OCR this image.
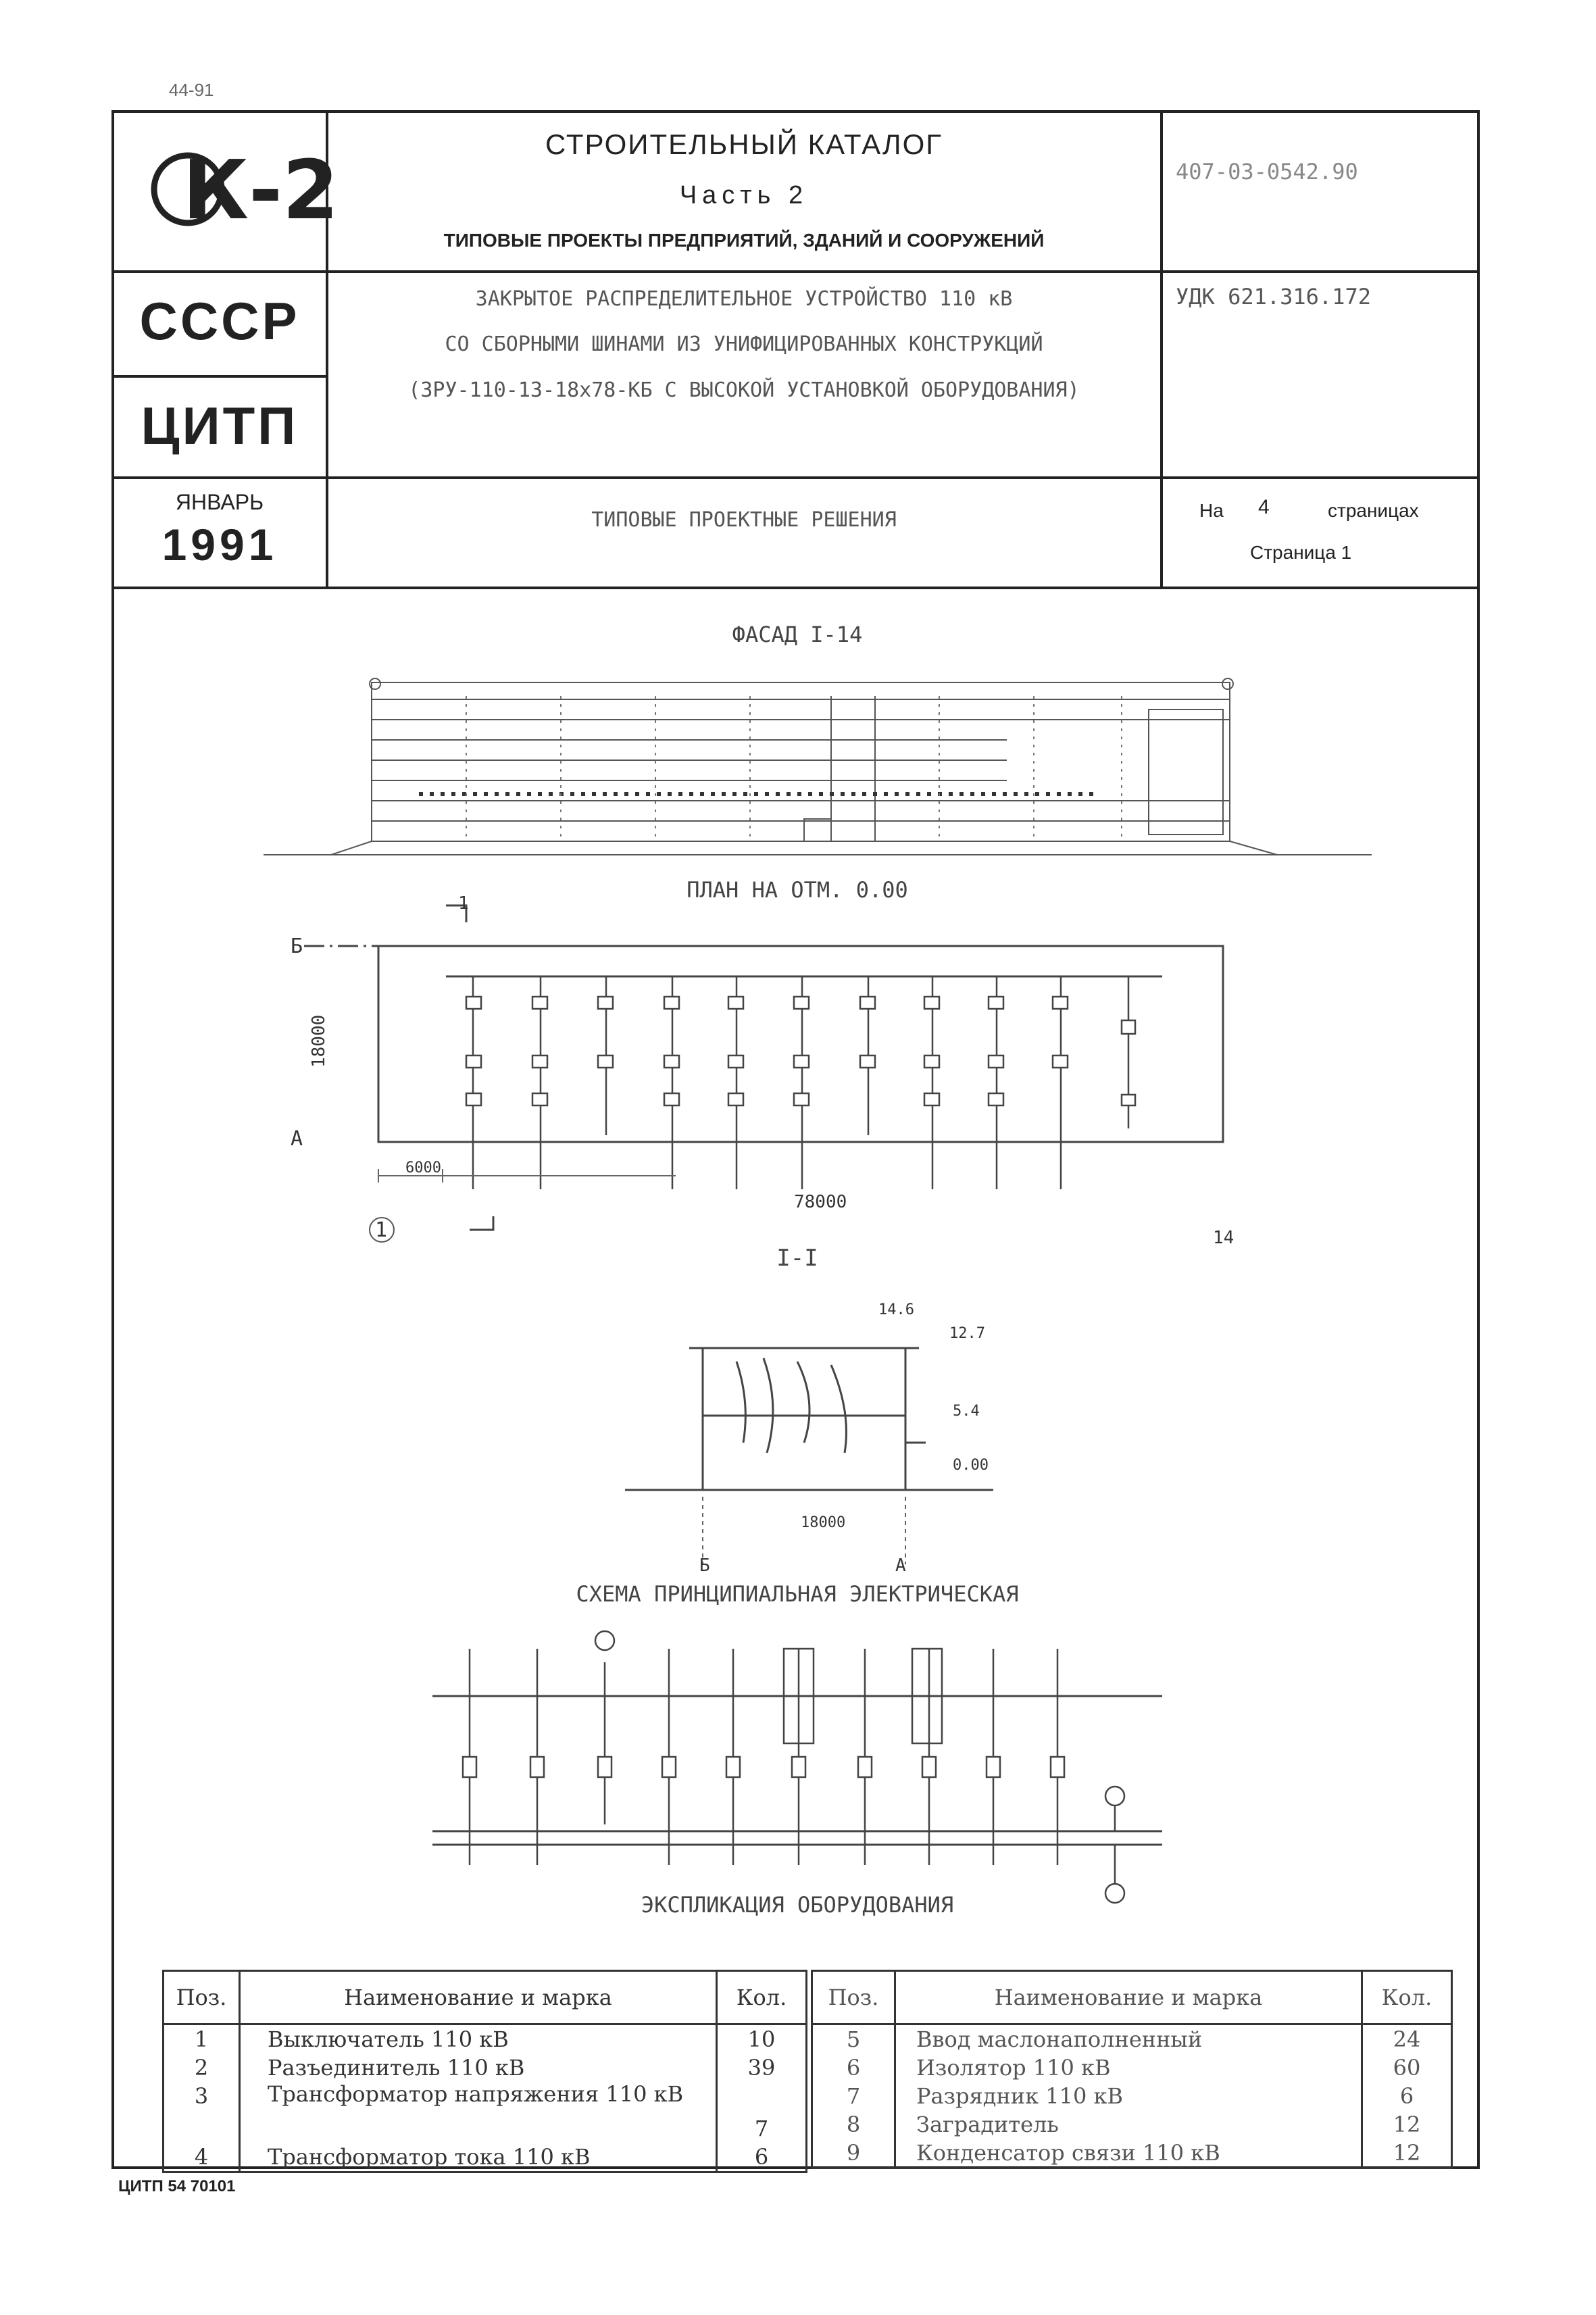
44-91
К-2	СТРОИТЕЛЬНЫЙ КАТАЛОГ
Часть 2
ТИПОВЫЕ ПРОЕКТЫ ПРЕДПРИЯТИЙ, ЗДАНИЙ И СООРУЖЕНИЙ
407-03-0542.90
СССР
ЦИТП
ЗАКРЫТОЕ РАСПРЕДЕЛИТЕЛЬНОЕ УСТРОЙСТВО 110 кВ
СО СБОРНЫМИ ШИНАМИ ИЗ УНИФИЦИРОВАННЫХ КОНСТРУКЦИЙ
(ЗРУ-110-13-18х78-КБ С ВЫСОКОЙ УСТАНОВКОЙ ОБОРУДОВАНИЯ)
УДК 621.316.172
ЯНВАРЬ
1991	ТИПОВЫЕ ПРОЕКТНЫЕ РЕШЕНИЯ	На 4	страницах
Страница 1
ФАСАД I-14
ПЛАН НА ОТМ. 0.00
Б
А
1	14
6000
78000
18000
1
I-I
14.6
12.7
5.4
0.00
18000
Б	А
СХЕМА ПРИНЦИПИАЛЬНАЯ ЭЛЕКТРИЧЕСКАЯ
ЭКСПЛИКАЦИЯ ОБОРУДОВАНИЯ
Поз.	Наименование и марка	Кол.
1	Выключатель 110 кВ	10
2	Разъединитель 110 кВ	39
3	Трансформатор напряжения 110 кВ	7
4	Трансформатор тока 110 кВ	6
Поз.	Наименование и марка	Кол.
5	Ввод маслонаполненный	24
6	Изолятор 110 кВ	60
7	Разрядник 110 кВ	6
8	Заградитель	12
9	Конденсатор связи 110 кВ	12
ЦИТП 54 70101
